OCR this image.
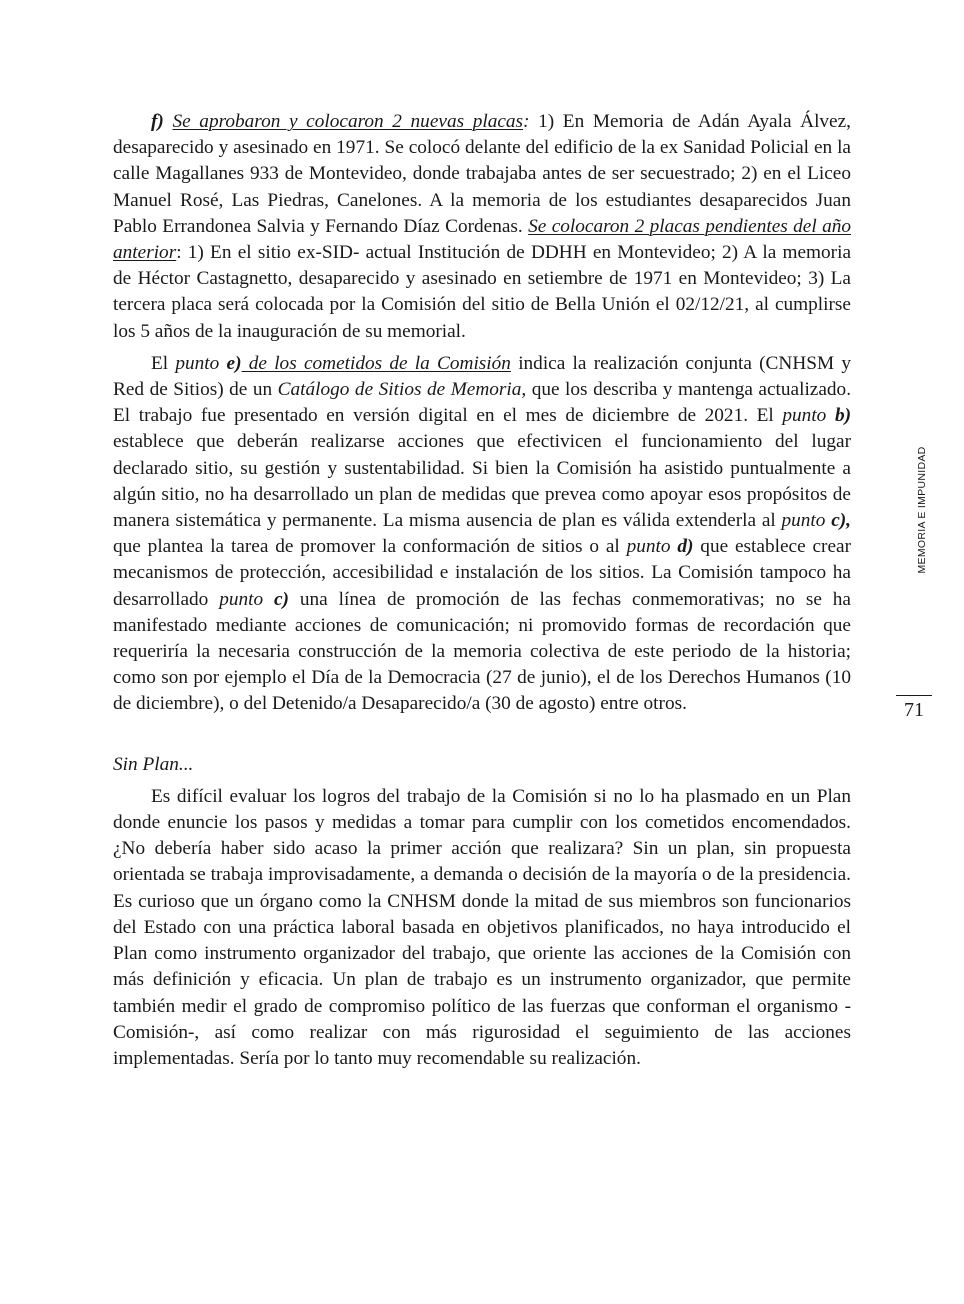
f) Se aprobaron y colocaron 2 nuevas placas: 1) En Memoria de Adán Ayala Álvez, desaparecido y asesinado en 1971. Se colocó delante del edificio de la ex Sanidad Policial en la calle Magallanes 933 de Montevideo, donde trabajaba antes de ser secuestrado; 2) en el Liceo Manuel Rosé, Las Piedras, Canelones. A la memoria de los estudiantes desaparecidos Juan Pablo Errandonea Salvia y Fernando Díaz Cordenas. Se colocaron 2 placas pendientes del año anterior: 1) En el sitio ex-SID- actual Institución de DDHH en Montevideo; 2) A la memoria de Héctor Castagnetto, desaparecido y asesinado en setiembre de 1971 en Montevideo; 3) La tercera placa será colocada por la Comisión del sitio de Bella Unión el 02/12/21, al cumplirse los 5 años de la inauguración de su memorial.

El punto e) de los cometidos de la Comisión indica la realización conjunta (CNHSM y Red de Sitios) de un Catálogo de Sitios de Memoria, que los describa y mantenga actualizado. El trabajo fue presentado en versión digital en el mes de diciembre de 2021. El punto b) establece que deberán realizarse acciones que efectivicen el funcionamiento del lugar declarado sitio, su gestión y sustentabilidad. Si bien la Comisión ha asistido puntualmente a algún sitio, no ha desarrollado un plan de medidas que prevea como apoyar esos propósitos de manera sistemática y permanente. La misma ausencia de plan es válida extenderla al punto c), que plantea la tarea de promover la conformación de sitios o al punto d) que establece crear mecanismos de protección, accesibilidad e instalación de los sitios. La Comisión tampoco ha desarrollado punto c) una línea de promoción de las fechas conmemorativas; no se ha manifestado mediante acciones de comunicación; ni promovido formas de recordación que requeriría la necesaria construcción de la memoria colectiva de este periodo de la historia; como son por ejemplo el Día de la Democracia (27 de junio), el de los Derechos Humanos (10 de diciembre), o del Detenido/a Desaparecido/a (30 de agosto) entre otros.

Sin Plan...

Es difícil evaluar los logros del trabajo de la Comisión si no lo ha plasmado en un Plan donde enuncie los pasos y medidas a tomar para cumplir con los cometidos encomendados. ¿No debería haber sido acaso la primer acción que realizara? Sin un plan, sin propuesta orientada se trabaja improvisadamente, a demanda o decisión de la mayoría o de la presidencia. Es curioso que un órgano como la CNHSM donde la mitad de sus miembros son funcionarios del Estado con una práctica laboral basada en objetivos planificados, no haya introducido el Plan como instrumento organizador del trabajo, que oriente las acciones de la Comisión con más definición y eficacia. Un plan de trabajo es un instrumento organizador, que permite también medir el grado de compromiso político de las fuerzas que conforman el organismo -Comisión-, así como realizar con más rigurosidad el seguimiento de las acciones implementadas. Sería por lo tanto muy recomendable su realización.

MEMORIA E IMPUNIDAD
71
